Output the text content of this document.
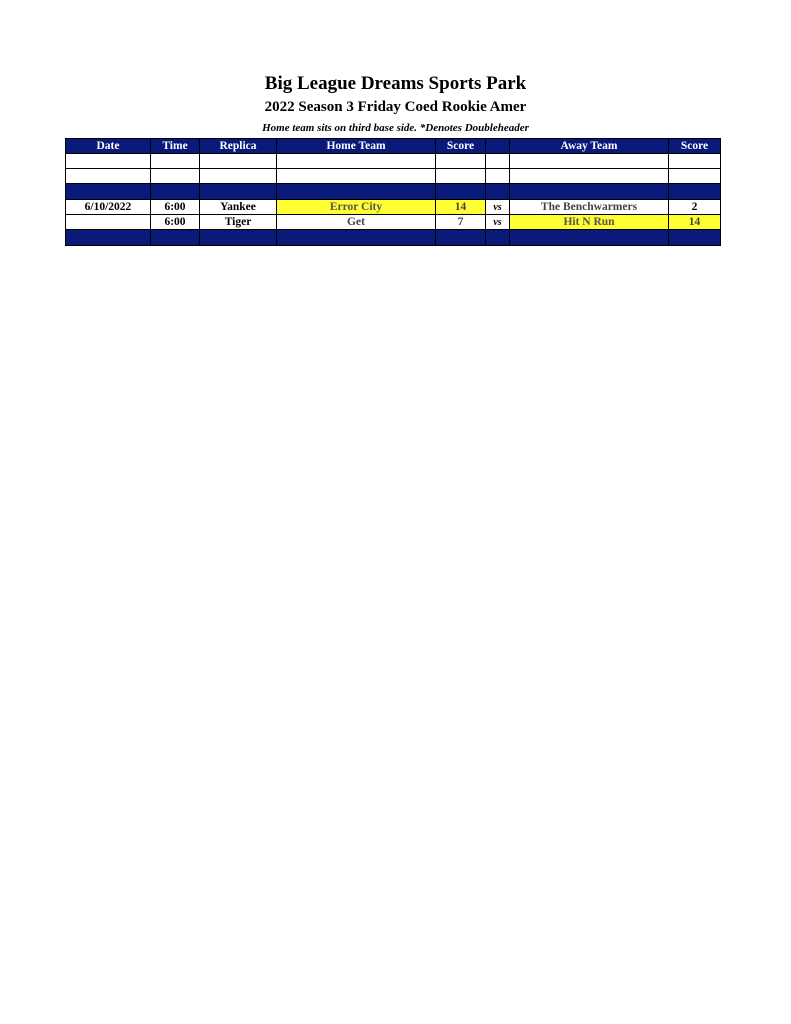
Big League Dreams Sports Park
2022 Season 3 Friday Coed Rookie Amer
Home team sits on third base side. *Denotes Doubleheader
Date	Time	Replica	Home Team	Score		Away Team	Score

6/10/2022	6:00	Yankee	Error City	14	vs	The Benchwarmers	2
	6:00	Tiger	Get	7	vs	Hit N Run	14
